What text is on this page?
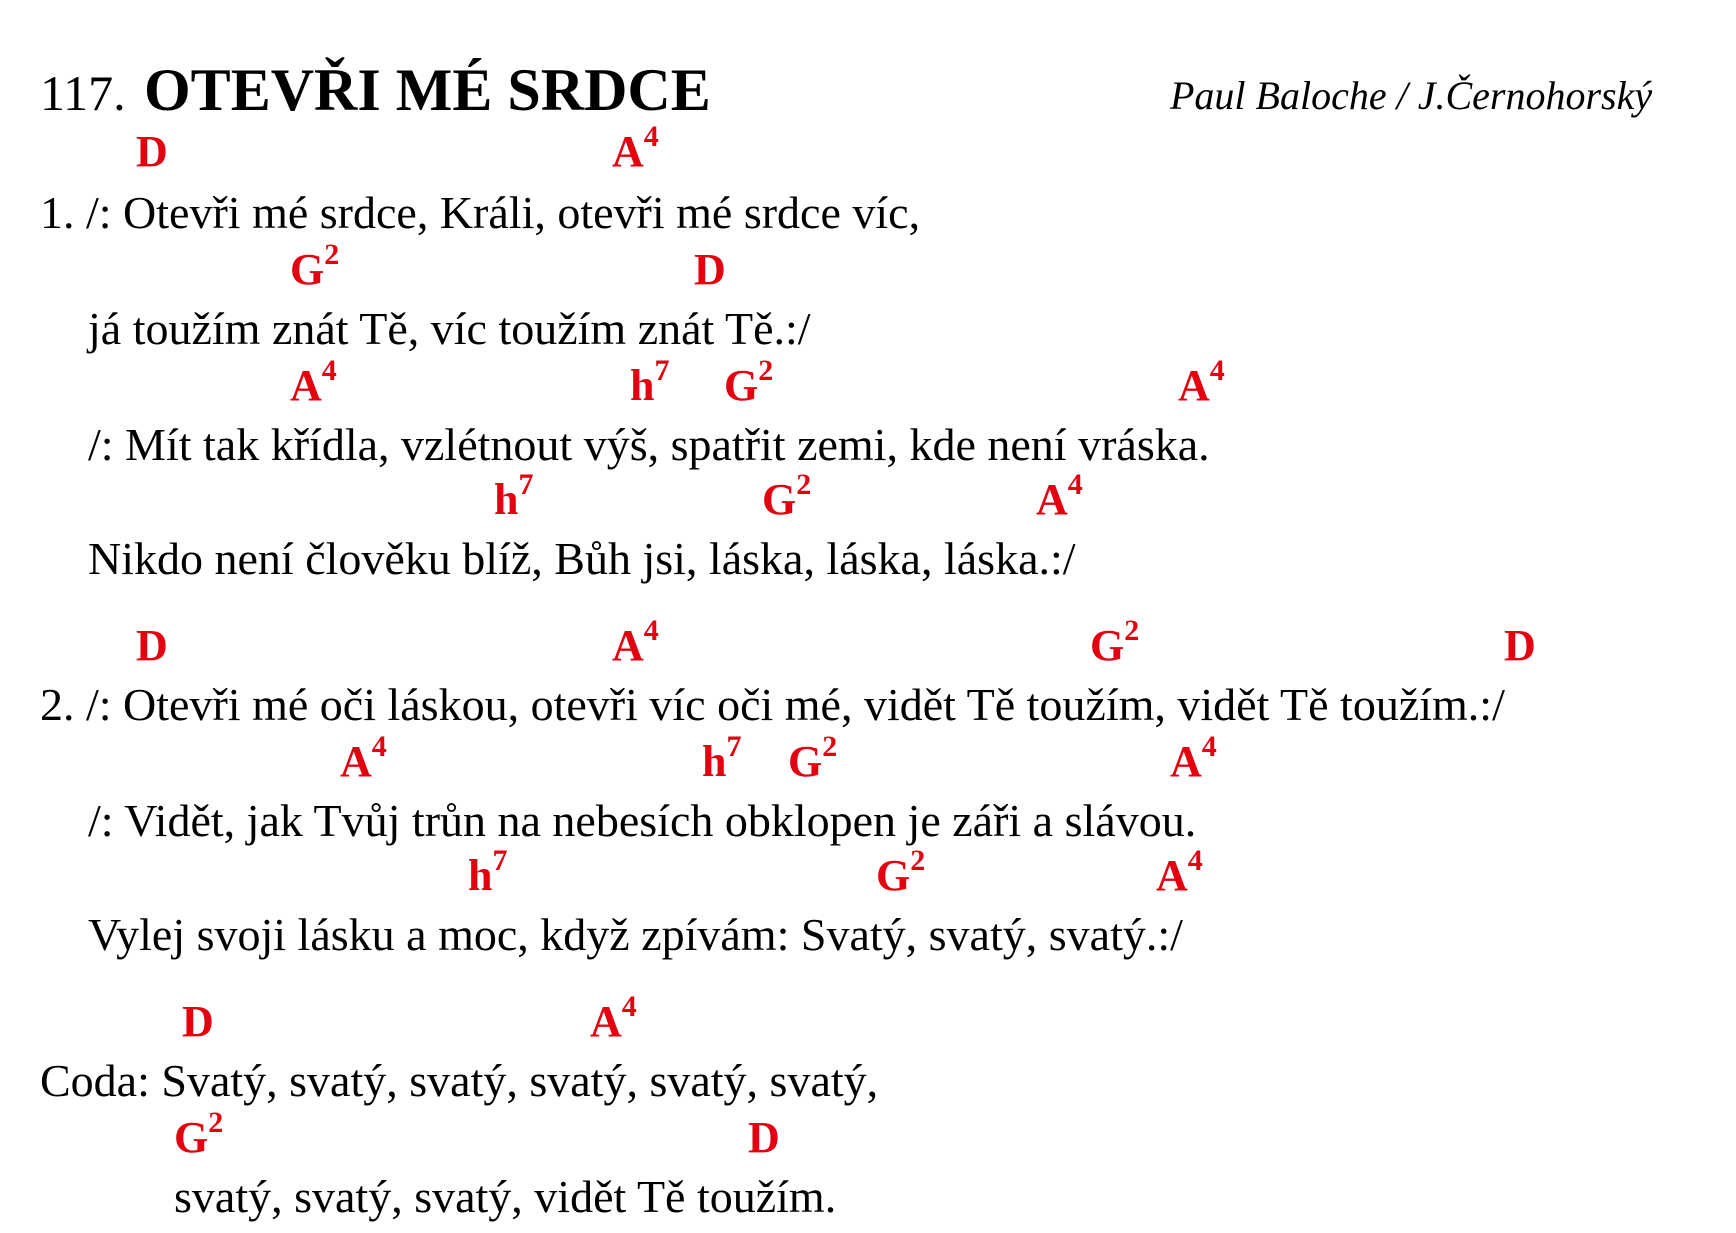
117. OTEVŘI MÉ SRDCE	Paul Baloche / J.Černohorský
D	$A^4$
1. /: Otevři mé srdce, Králi, otevři mé srdce víc,
$G^2$	D
já toužím znát Tě, víc toužím znát Tě.:/
$A^4$	$h^7$ $G^2$	$A^4$
/: Mít tak křídla, vzlétnout výš, spatřit zemi, kde není vráska.
$h^7$	$G^2$	$A^4$
Nikdo není člověku blíž, Bůh jsi, láska, láska, láska.:/
D	$A^4$	$G^2$	D
2. /: Otevři mé oči láskou, otevři víc oči mé, vidět Tě toužím, vidět Tě toužím.:/
$A^4$	$h^7$ $G^2$	$A^4$
/: Vidět, jak Tvůj trůn na nebesích obklopen je záři a slávou.
$h^7$	$G^2$	$A^4$
Vylej svoji lásku a moc, když zpívám: Svatý, svatý, svatý.:/
D	$A^4$
Coda: Svatý, svatý, svatý, svatý, svatý, svatý,
$G^2$	D
svatý, svatý, svatý, vidět Tě toužím.
